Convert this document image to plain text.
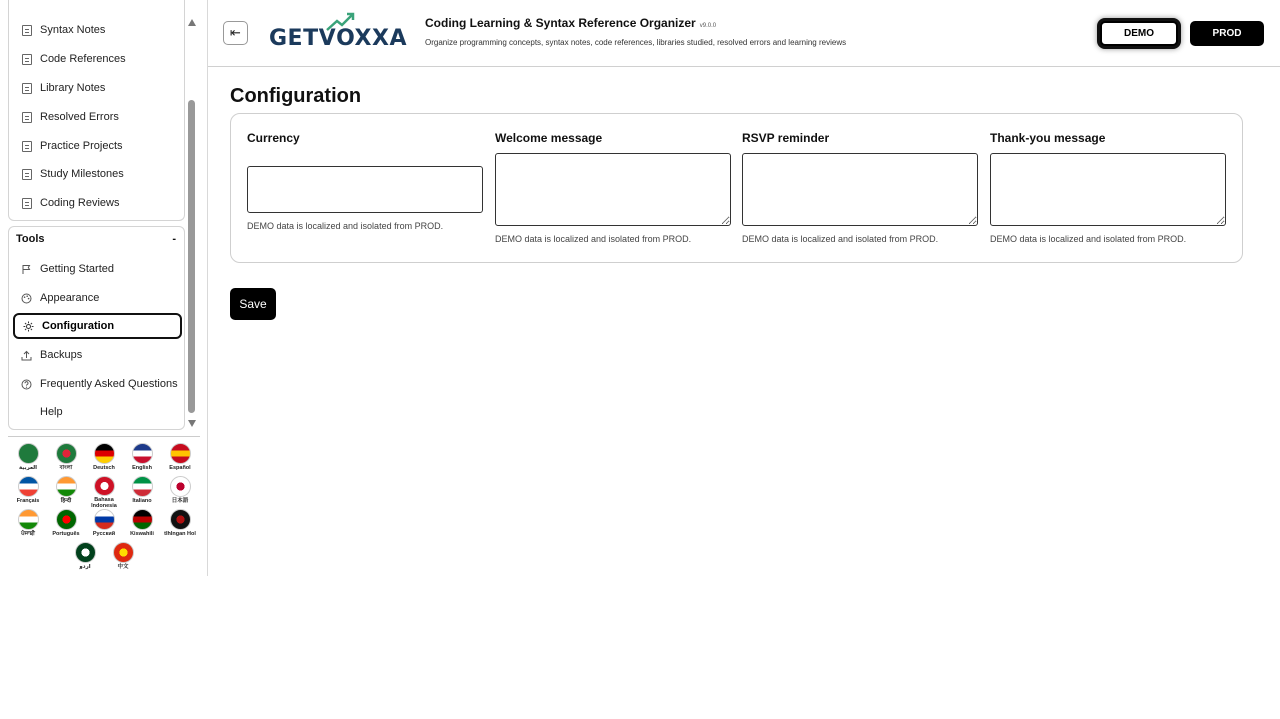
Syntax Notes
Code References
Library Notes
Resolved Errors
Practice Projects
Study Milestones
Coding Reviews
Tools	-
Getting Started
Appearance
Configuration
Backups
Frequently Asked Questions
Help
العربية	বাংলা	Deutsch	English	Español
Français	हिन्दी	Bahasa Indonesia
Italiano	日本語
ਪੰਜਾਬੀ	Português Русский	Kiswahili tlhIngan Hol
اردو	中文
⇤ GETV
OXXA
Coding Learning & Syntax Reference Organizer v9.0.0
Organize programming concepts, syntax notes, code references, libraries studied, resolved errors and learning reviews
DEMO	PROD
Configuration
Currency
DEMO data is localized and isolated from PROD.
Welcome message
DEMO data is localized and isolated from PROD.
RSVP reminder
DEMO data is localized and isolated from PROD.
Thank-you message
DEMO data is localized and isolated from PROD.
Save
